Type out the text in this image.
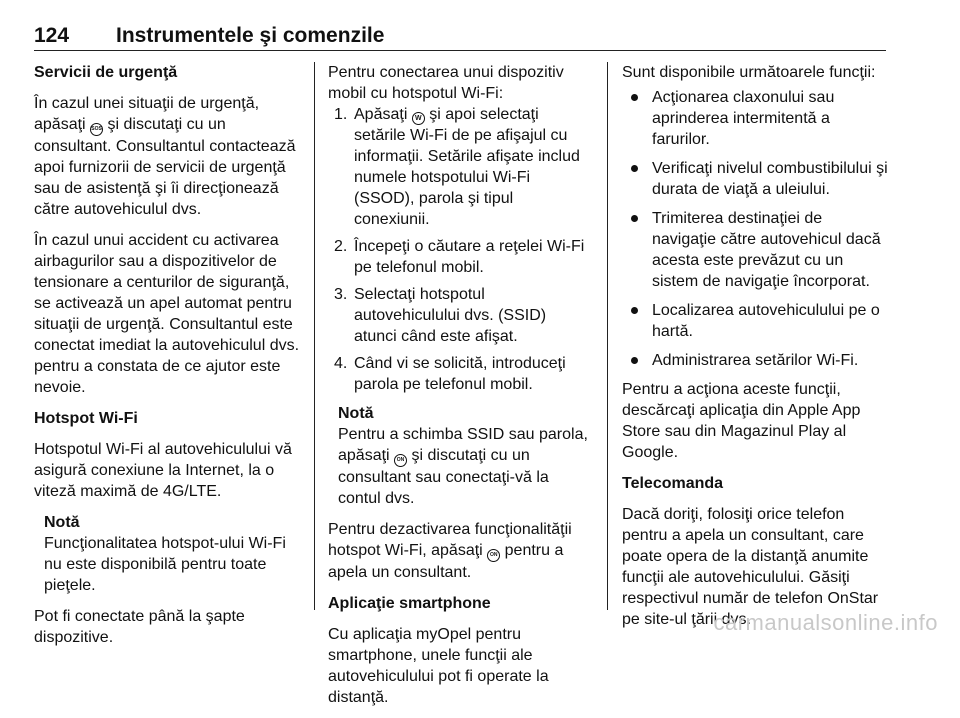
124 Instrumentele şi comenzile

Servicii de urgenţă

În cazul unei situaţii de urgenţă, apăsaţi SOS şi discutaţi cu un consultant. Consultantul contactează apoi furnizorii de servicii de urgenţă sau de asistenţă şi îi direcţionează către autovehiculul dvs.

În cazul unui accident cu activarea airbagurilor sau a dispozitivelor de tensionare a centurilor de siguranţă, se activează un apel automat pentru situaţii de urgenţă. Consultantul este conectat imediat la autovehiculul dvs. pentru a constata de ce ajutor este nevoie.

Hotspot Wi-Fi

Hotspotul Wi-Fi al autovehiculului vă asigură conexiune la Internet, la o viteză maximă de 4G/LTE.

Notă
Funcţionalitatea hotspot-ului Wi-Fi nu este disponibilă pentru toate pieţele.

Pot fi conectate până la şapte dispozitive.

Pentru conectarea unui dispozitiv mobil cu hotspotul Wi-Fi:

1. Apăsaţi W şi apoi selectaţi setările Wi-Fi de pe afişajul cu informaţii. Setările afişate includ numele hotspotului Wi-Fi (SSOD), parola şi tipul conexiunii.
2. Începeţi o căutare a reţelei Wi-Fi pe telefonul mobil.
3. Selectaţi hotspotul autovehiculului dvs. (SSID) atunci când este afişat.
4. Când vi se solicită, introduceţi parola pe telefonul mobil.
Notă
Pentru a schimba SSID sau parola, apăsaţi ON şi discutaţi cu un consultant sau conectaţi-vă la contul dvs.

Pentru dezactivarea funcţionalităţii hotspot Wi-Fi, apăsaţi ON pentru a apela un consultant.

Aplicaţie smartphone

Cu aplicaţia myOpel pentru smartphone, unele funcţii ale autovehiculului pot fi operate la distanţă.

Sunt disponibile următoarele funcţii:

Acţionarea claxonului sau aprinderea intermitentă a farurilor.
Verificaţi nivelul combustibilului şi durata de viaţă a uleiului.
Trimiterea destinaţiei de navigaţie către autovehicul dacă acesta este prevăzut cu un sistem de navigaţie încorporat.
Localizarea autovehiculului pe o hartă.
Administrarea setărilor Wi-Fi.

Pentru a acţiona aceste funcţii, descărcaţi aplicaţia din Apple App Store sau din Magazinul Play al Google.

Telecomanda

Dacă doriţi, folosiţi orice telefon pentru a apela un consultant, care poate opera de la distanţă anumite funcţii ale autovehiculului. Găsiţi respectivul număr de telefon OnStar pe site-ul ţării dvs.

carmanualsonline.info
